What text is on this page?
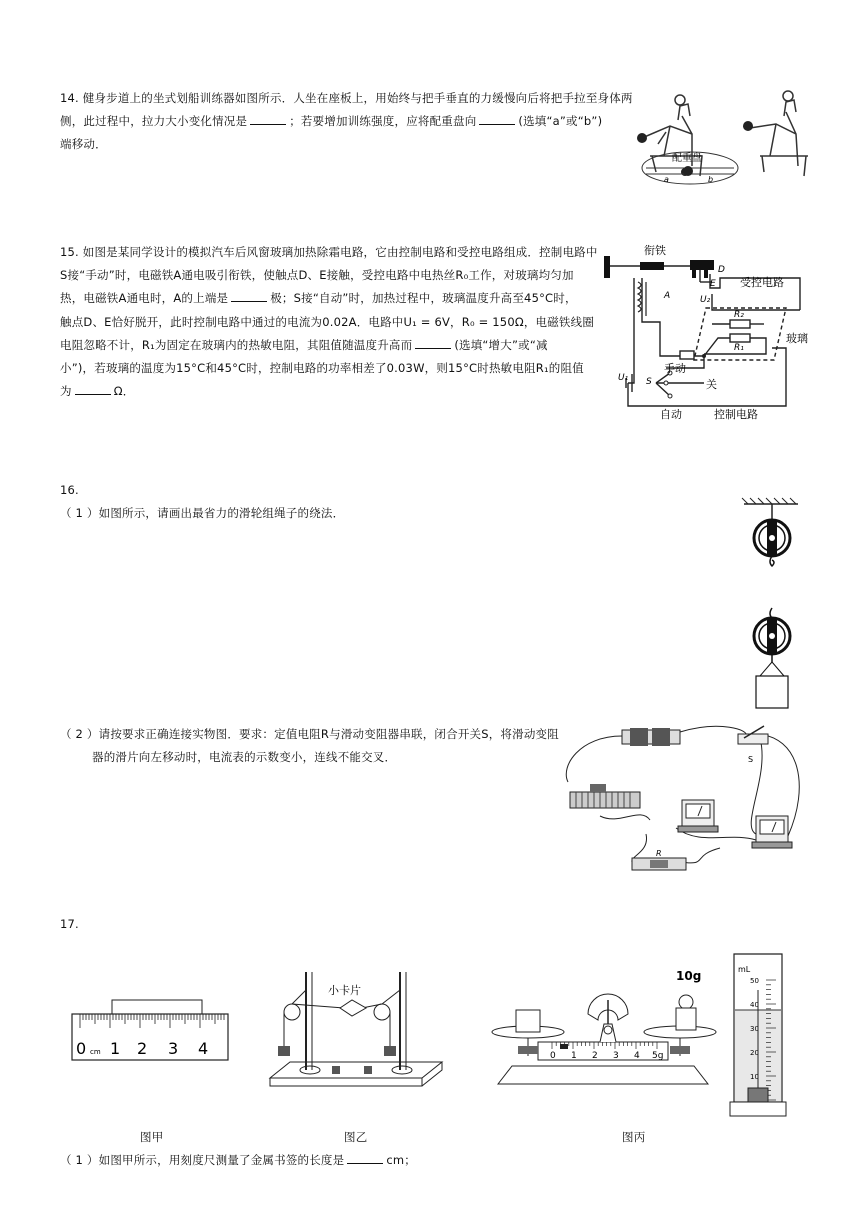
14. 健身步道上的坐式划船训练器如图所示．人坐在座板上，用始终与把手垂直的力缓慢向后将把手拉至身体两
侧，此过程中，拉力大小变化情况是	；若要增加训练强度，应将配重盘向	(选填“a”或“b”)
端移动．
配重盘
a	b
15. 如图是某同学设计的模拟汽车后风窗玻璃加热除霜电路，它由控制电路和受控电路组成．控制电路中
S接“手动”时，电磁铁A通电吸引衔铁，使触点D、E接触，受控电路中电热丝R₀工作，对玻璃均匀加
热，电磁铁A通电时，A的上端是	极；S接“自动”时，加热过程中，玻璃温度升高至45°C时，
触点D、E恰好脱开，此时控制电路中通过的电流为0.02A．电路中U₁ = 6V，R₀ = 150Ω，电磁铁线圈
电阻忽略不计，R₁为固定在玻璃内的热敏电阻，其阻值随温度升高而	(选填“增大”或“减
小”)，若玻璃的温度为15°C和45°C时，控制电路的功率相差了0.03W，则15°C时热敏电阻R₁的阻值
为	Ω．
衔铁
D
E 受控电路
A	U₂
R₂
R₁
玻璃
手动
U₁ S	关
自动	控制电路
16.
（ 1 ）如图所示，请画出最省力的滑轮组绳子的绕法．
（ 2 ）请按要求正确连接实物图．要求：定值电阻R与滑动变阻器串联，闭合开关S，将滑动变阻
器的滑片向左移动时，电流表的示数变小，连线不能交叉．	S
R
17.
0 cm 1 2 3 4
小卡片
10g
0 1 2 3 4 5g
mL
50
40
30
20
10
图甲	图乙	图丙
（ 1 ）如图甲所示，用刻度尺测量了金属书签的长度是	cm；
